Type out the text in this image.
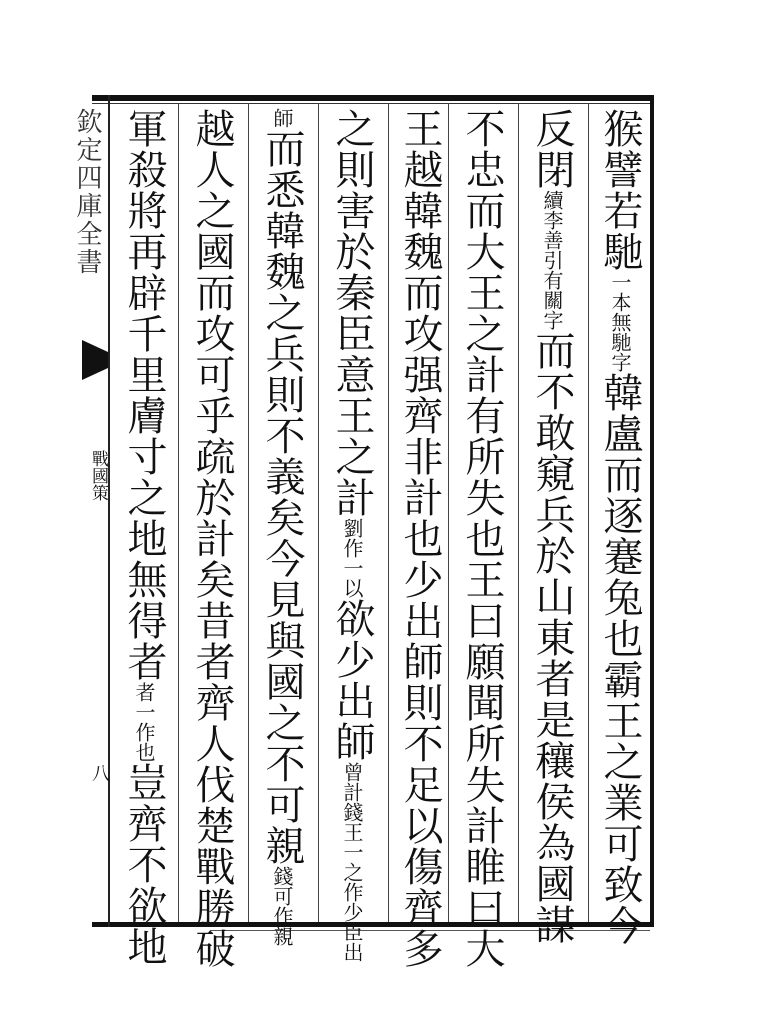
欽定四庫全書
戰國策
八
猴譬若馳一本無馳字韓盧而逐蹇兔也霸王之業可致今
反閉續李善引有關字而不敢窺兵於山東者是穰侯為國謀
不忠而大王之計有所失也王曰願聞所失計睢曰大
王越韓魏而攻强齊非計也少出師則不足以傷齊多
之則害於秦臣意王之計劉作一以欲少出師曾計錢王一之作少臣出
師而悉韓魏之兵則不義矣今見與國之不可親錢可作親
越人之國而攻可乎疏於計矣昔者齊人伐楚戰勝破
軍殺將再辟千里膚寸之地無得者者一作也豈齊不欲地
